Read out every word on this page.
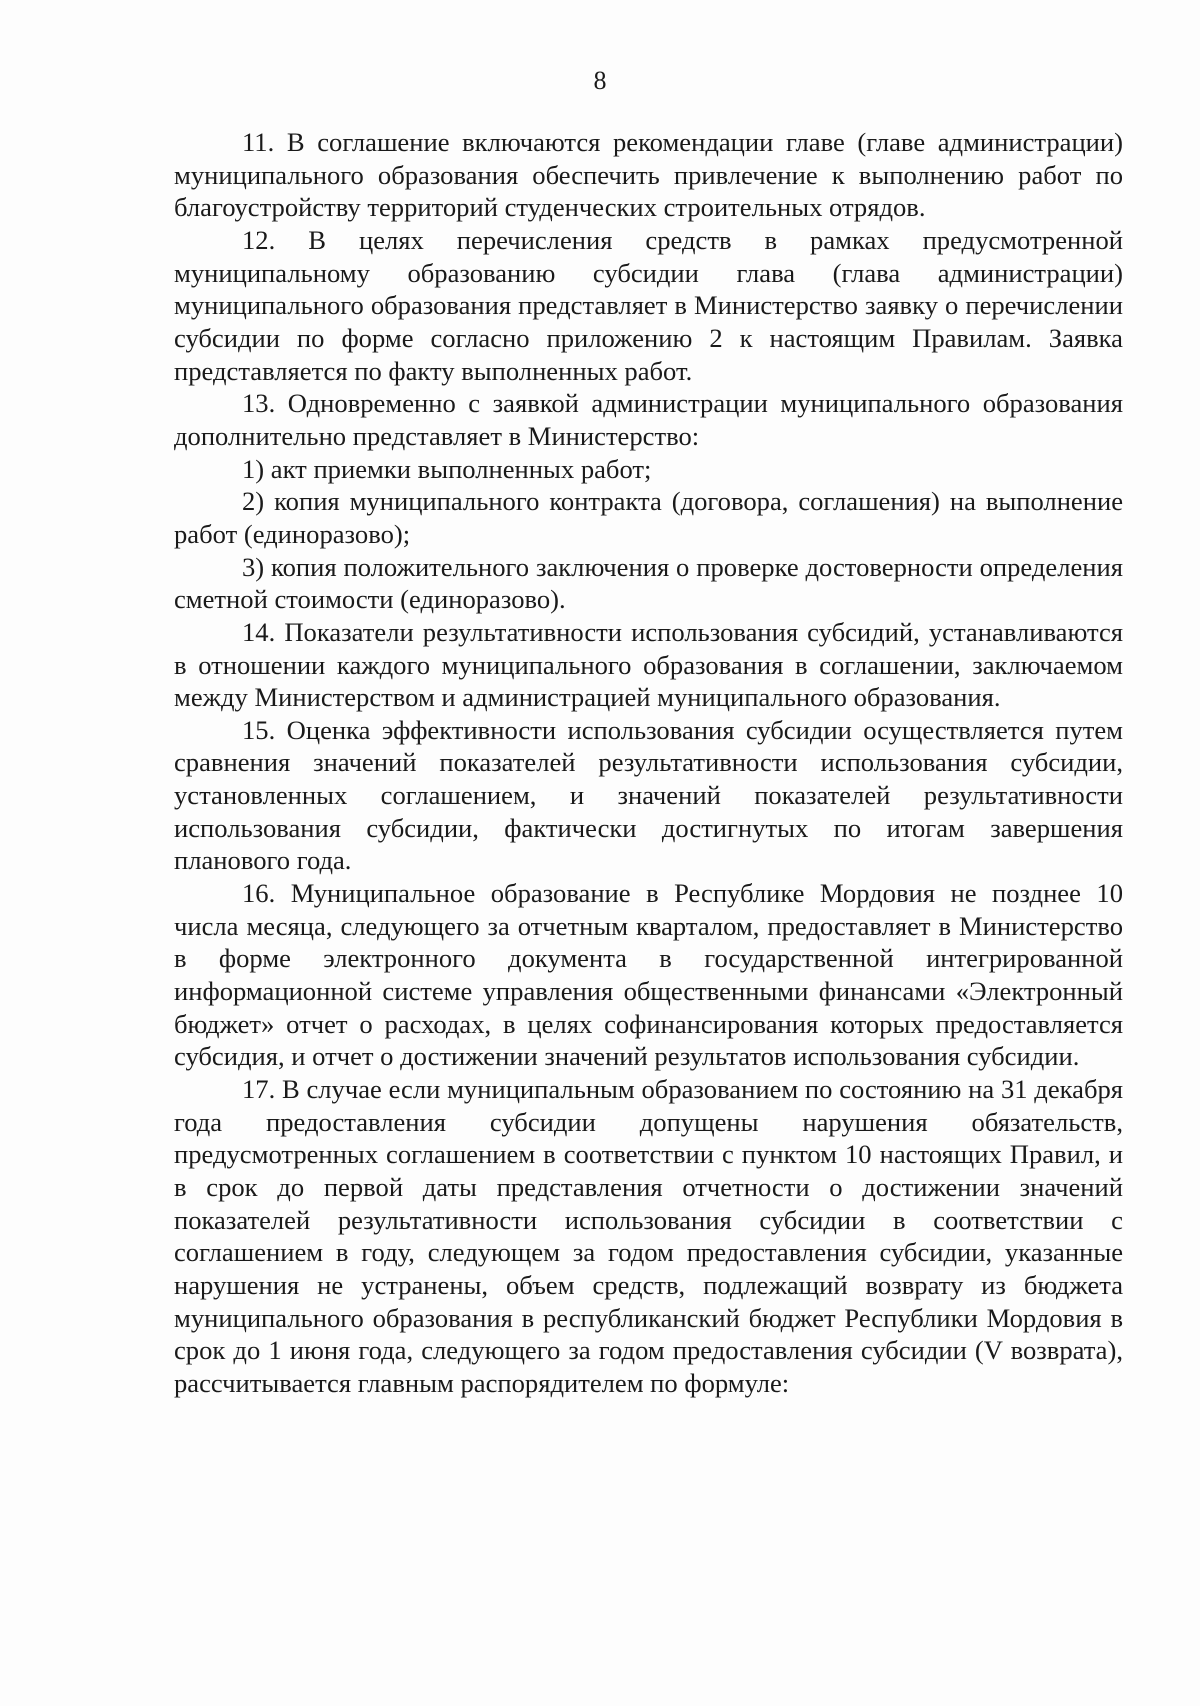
8

11. В соглашение включаются рекомендации главе (главе администрации) муниципального образования обеспечить привлечение к выполнению работ по благоустройству территорий студенческих строительных отрядов.

12. В целях перечисления средств в рамках предусмотренной муниципальному образованию субсидии глава (глава администрации) муниципального образования представляет в Министерство заявку о перечислении субсидии по форме согласно приложению 2 к настоящим Правилам. Заявка представляется по факту выполненных работ.

13. Одновременно с заявкой администрации муниципального образования дополнительно представляет в Министерство:

1) акт приемки выполненных работ;

2) копия муниципального контракта (договора, соглашения) на выполнение работ (единоразово);

3) копия положительного заключения о проверке достоверности определения сметной стоимости (единоразово).

14. Показатели результативности использования субсидий, устанавливаются в отношении каждого муниципального образования в соглашении, заключаемом между Министерством и администрацией муниципального образования.

15. Оценка эффективности использования субсидии осуществляется путем сравнения значений показателей результативности использования субсидии, установленных соглашением, и значений показателей результативности использования субсидии, фактически достигнутых по итогам завершения планового года.

16. Муниципальное образование в Республике Мордовия не позднее 10 числа месяца, следующего за отчетным кварталом, предоставляет в Министерство в форме электронного документа в государственной интегрированной информационной системе управления общественными финансами «Электронный бюджет» отчет о расходах, в целях софинансирования которых предоставляется субсидия, и отчет о достижении значений результатов использования субсидии.

17. В случае если муниципальным образованием по состоянию на 31 декабря года предоставления субсидии допущены нарушения обязательств, предусмотренных соглашением в соответствии с пунктом 10 настоящих Правил, и в срок до первой даты представления отчетности о достижении значений показателей результативности использования субсидии в соответствии с соглашением в году, следующем за годом предоставления субсидии, указанные нарушения не устранены, объем средств, подлежащий возврату из бюджета муниципального образования в республиканский бюджет Республики Мордовия в срок до 1 июня года, следующего за годом предоставления субсидии (V возврата), рассчитывается главным распорядителем по формуле:
